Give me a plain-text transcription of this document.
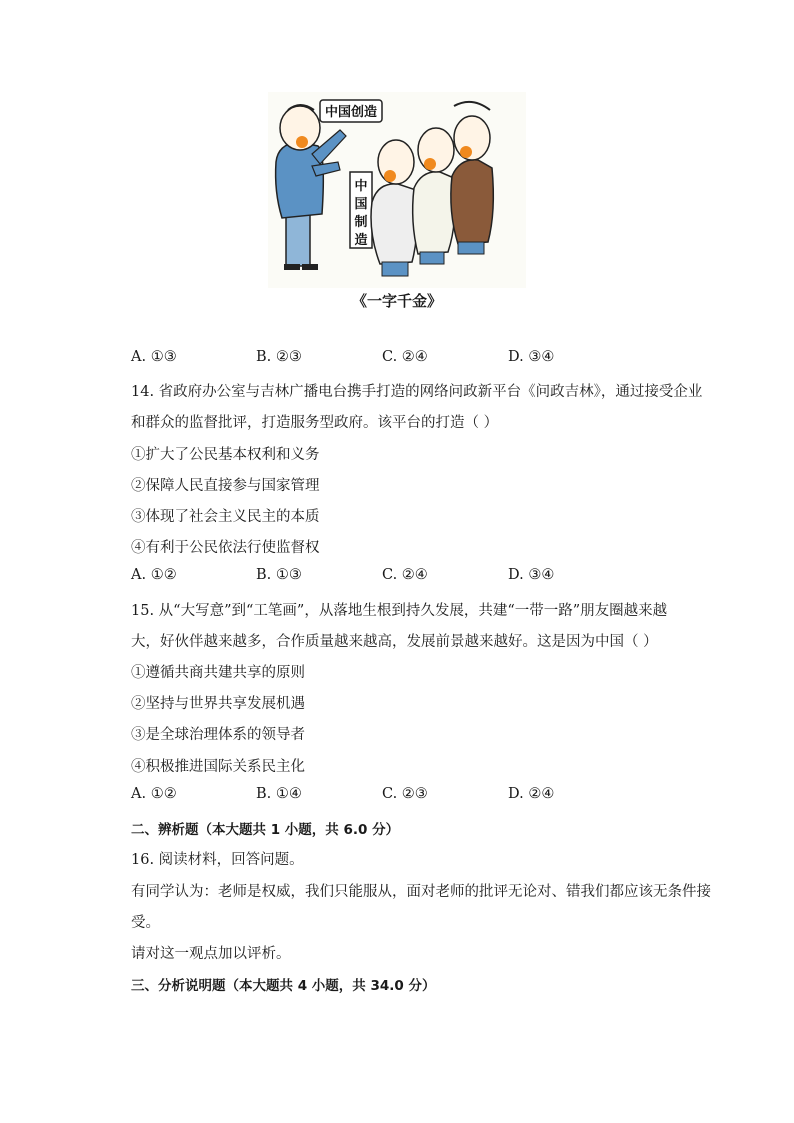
中国创造
中
国
制
造
《一字千金》
A. ①③	B. ②③	C. ②④	D. ③④
14. 省政府办公室与吉林广播电台携手打造的网络问政新平台《问政吉林》，通过接受企业
和群众的监督批评，打造服务型政府。该平台的打造（ ）
①扩大了公民基本权利和义务
②保障人民直接参与国家管理
③体现了社会主义民主的本质
④有利于公民依法行使监督权
A. ①②	B. ①③	C. ②④	D. ③④
15. 从“大写意”到“工笔画”，从落地生根到持久发展，共建“一带一路”朋友圈越来越
大，好伙伴越来越多，合作质量越来越高，发展前景越来越好。这是因为中国（ ）
①遵循共商共建共享的原则
②坚持与世界共享发展机遇
③是全球治理体系的领导者
④积极推进国际关系民主化
A. ①②	B. ①④	C. ②③	D. ②④
二、辨析题（本大题共 1 小题，共 6.0 分）
16. 阅读材料，回答问题。
有同学认为：老师是权威，我们只能服从，面对老师的批评无论对、错我们都应该无条件接
受。
请对这一观点加以评析。
三、分析说明题（本大题共 4 小题，共 34.0 分）
